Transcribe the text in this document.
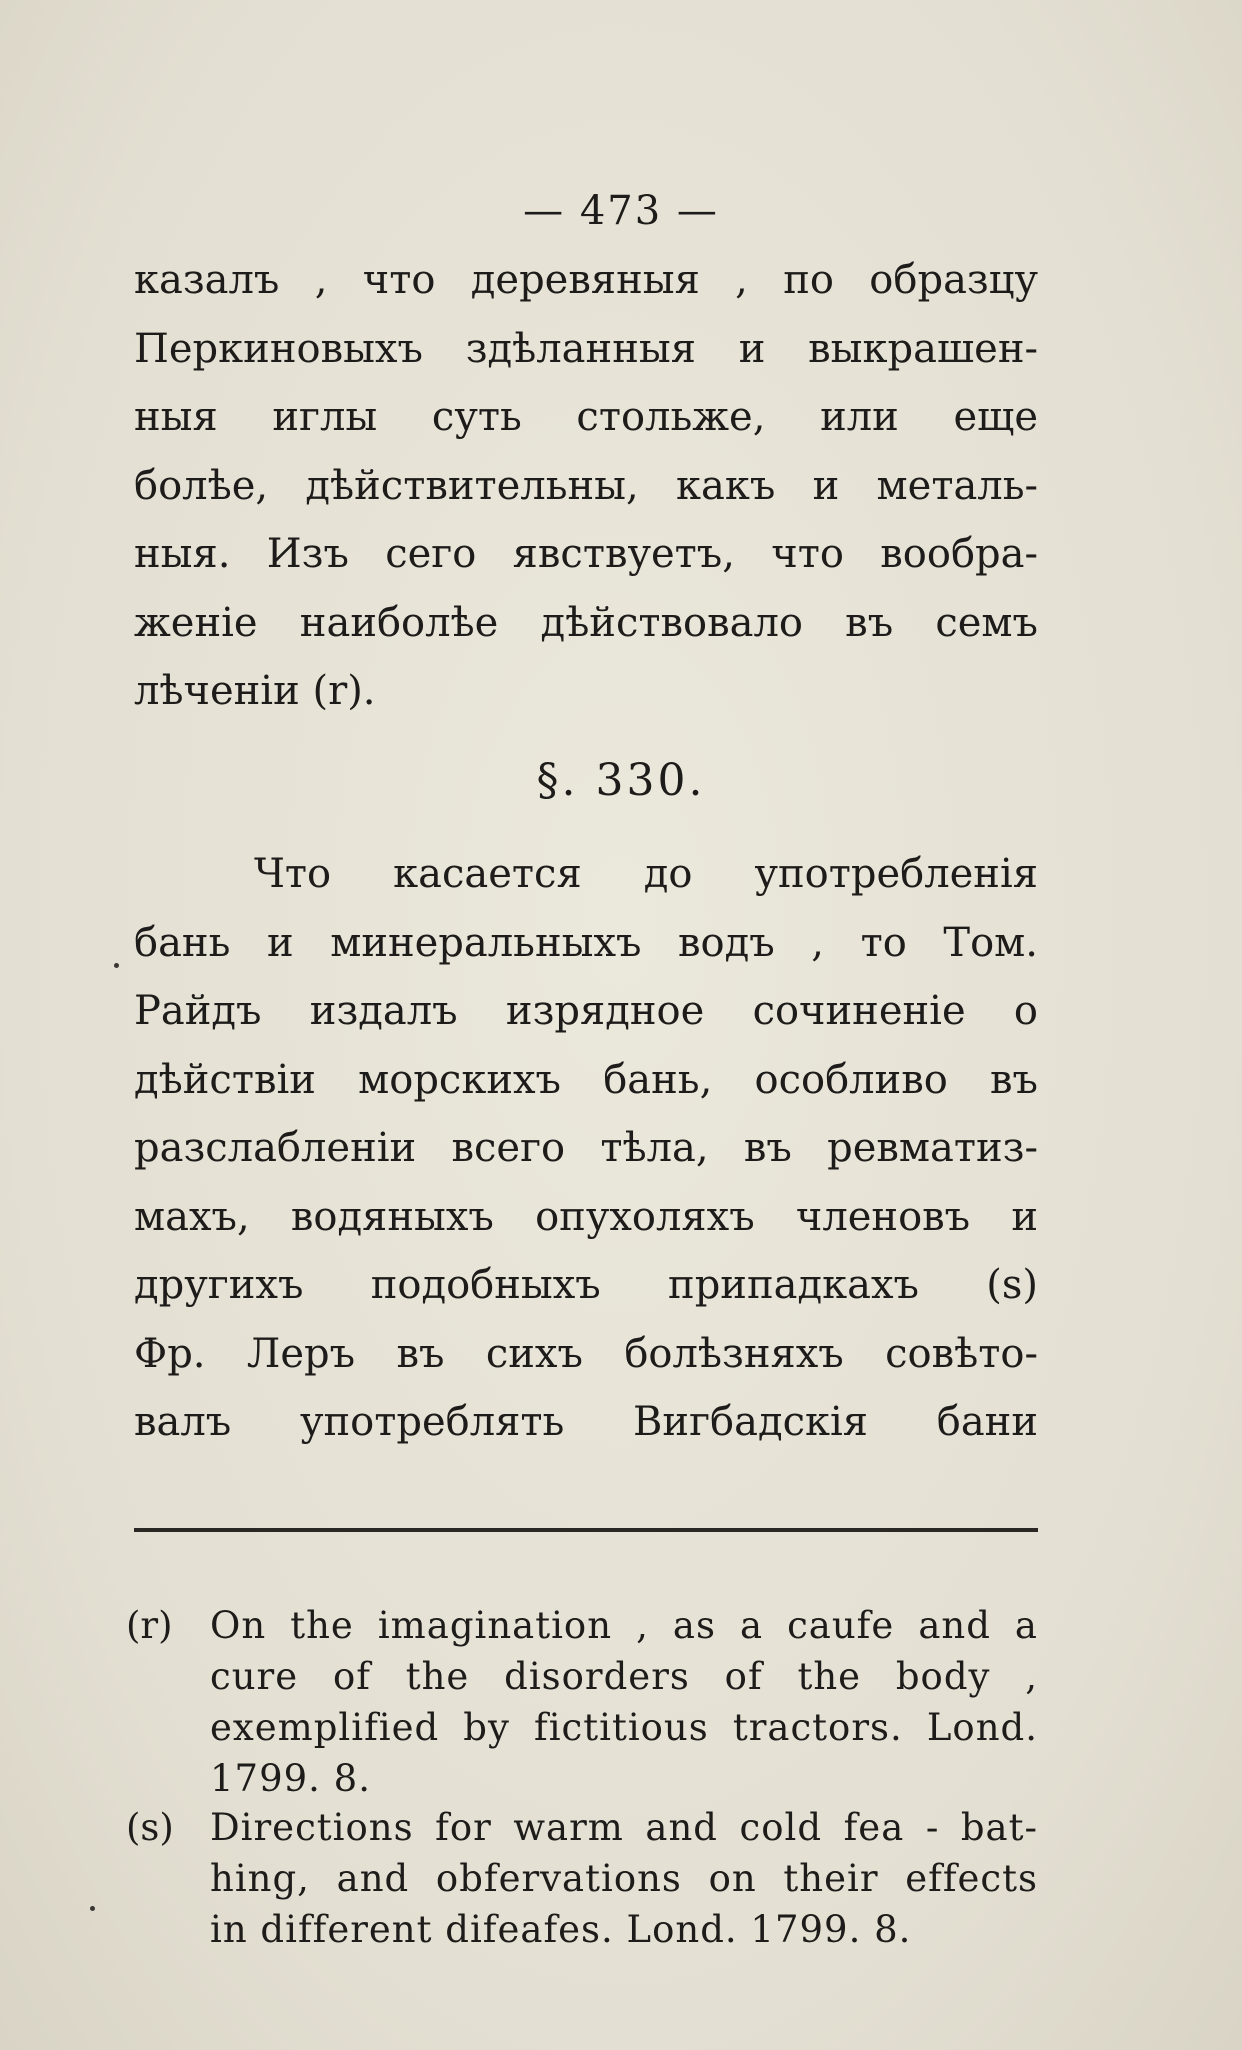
— 473 —
казалъ , что деревяныя , по образцу
Перкиновыхъ здѣланныя и выкрашен-
ныя иглы суть стольже, или еще
болѣе, дѣйствительны, какъ и металь-
ныя. Изъ сего явствуетъ, что вообра-
женiе наиболѣе дѣйствовало въ семъ
лѣченiи (r).
§. 330.
Что касается до употребленiя
бань и минеральныхъ водъ , то Том.
Райдъ издалъ изрядное сочиненiе о
дѣйствiи морскихъ бань, особливо въ
разслабленiи всего тѣла, въ ревматиз-
махъ, водяныхъ опухоляхъ членовъ и
другихъ подобныхъ припадкахъ (s)
Фр. Леръ въ сихъ болѣзняхъ совѣто-
валъ употреблять Вигбадскiя бани
(r) On the imagination , as a caufe and a
cure of the disorders of the body ,
exemplified by fictitious tractors. Lond.
1799. 8.
(s) Directions for warm and cold fea - bat-
hing, and obfervations on their effects
in different difeafes. Lond. 1799. 8.
